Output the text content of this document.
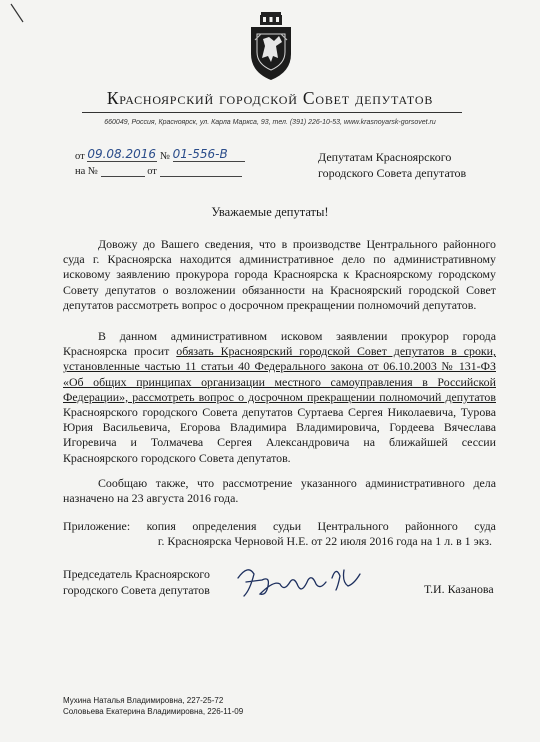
Красноярский городской Совет депутатов
660049, Россия, Красноярск, ул. Карла Маркса, 93, тел. (391) 226-10-53, www.krasnoyarsk-gorsovet.ru
от 09.08.2016 № 01-556-В
на №	от
Депутатам Красноярского
городского Совета депутатов
Уважаемые депутаты!

Довожу до Вашего сведения, что в производстве Центрального районного суда г. Красноярска находится административное дело по административному исковому заявлению прокурора города Красноярска к Красноярскому городскому Совету депутатов о возложении обязанности на Красноярский городской Совет депутатов рассмотреть вопрос о досрочном прекращении полномочий депутатов.

В данном административном исковом заявлении прокурор города Красноярска просит обязать Красноярский городской Совет депутатов в сроки, установленные частью 11 статьи 40 Федерального закона от 06.10.2003 № 131-ФЗ «Об общих принципах организации местного самоуправления в Российской Федерации», рассмотреть вопрос о досрочном прекращении полномочий депутатов Красноярского городского Совета депутатов Суртаева Сергея Николаевича, Турова Юрия Васильевича, Егорова Владимира Владимировича, Гордеева Вячеслава Игоревича и Толмачева Сергея Александровича на ближайшей сессии Красноярского городского Совета депутатов.

Сообщаю также, что рассмотрение указанного административного дела назначено на 23 августа 2016 года.

Приложение: копия определения судьи Центрального районного суда
г. Красноярска Черновой Н.Е. от 22 июля 2016 года на 1 л. в 1 экз.
Председатель Красноярского
городского Совета депутатов	Т.И. Казанова
Мухина Наталья Владимировна, 227-25-72
Соловьева Екатерина Владимировна, 226-11-09
